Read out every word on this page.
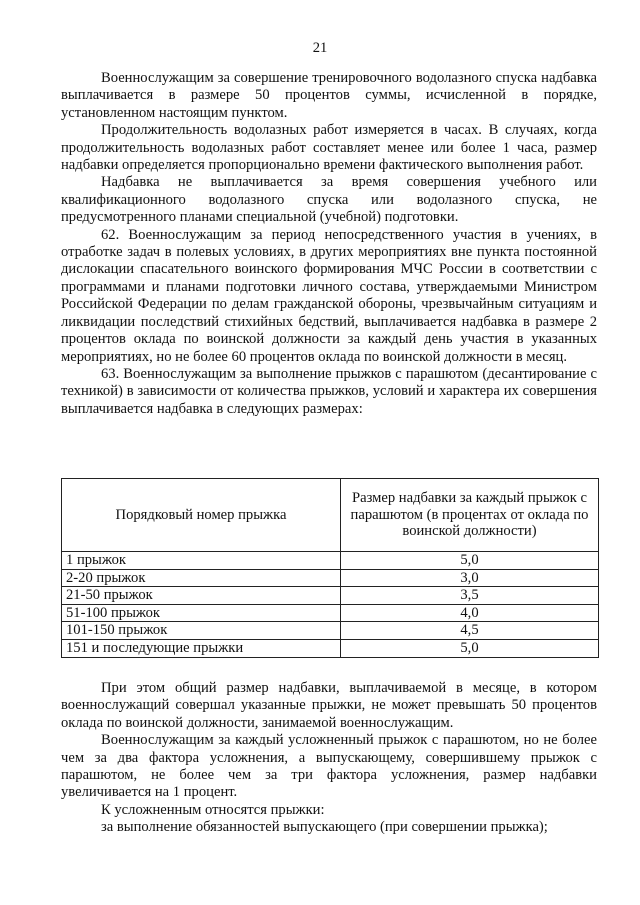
21

Военнослужащим за совершение тренировочного водолазного спуска надбавка выплачивается в размере 50 процентов суммы, исчисленной в порядке, установленном настоящим пунктом.

Продолжительность водолазных работ измеряется в часах. В случаях, когда продолжительность водолазных работ составляет менее или более 1 часа, размер надбавки определяется пропорционально времени фактического выполнения работ.

Надбавка не выплачивается за время совершения учебного или квалификационного водолазного спуска или водолазного спуска, не предусмотренного планами специальной (учебной) подготовки.

62. Военнослужащим за период непосредственного участия в учениях, в отработке задач в полевых условиях, в других мероприятиях вне пункта постоянной дислокации спасательного воинского формирования МЧС России в соответствии с программами и планами подготовки личного состава, утверждаемыми Министром Российской Федерации по делам гражданской обороны, чрезвычайным ситуациям и ликвидации последствий стихийных бедствий, выплачивается надбавка в размере 2 процентов оклада по воинской должности за каждый день участия в указанных мероприятиях, но не более 60 процентов оклада по воинской должности в месяц.

63. Военнослужащим за выполнение прыжков с парашютом (десантирование с техникой) в зависимости от количества прыжков, условий и характера их совершения выплачивается надбавка в следующих размерах:

Порядковый номер прыжка	Размер надбавки за каждый прыжок с парашютом (в процентах от оклада по воинской должности)
1 прыжок	5,0
2-20 прыжок	3,0
21-50 прыжок	3,5
51-100 прыжок	4,0
101-150 прыжок	4,5
151 и последующие прыжки	5,0

При этом общий размер надбавки, выплачиваемой в месяце, в котором военнослужащий совершал указанные прыжки, не может превышать 50 процентов оклада по воинской должности, занимаемой военнослужащим.

Военнослужащим за каждый усложненный прыжок с парашютом, но не более чем за два фактора усложнения, а выпускающему, совершившему прыжок с парашютом, не более чем за три фактора усложнения, размер надбавки увеличивается на 1 процент.

К усложненным относятся прыжки:

за выполнение обязанностей выпускающего (при совершении прыжка);
